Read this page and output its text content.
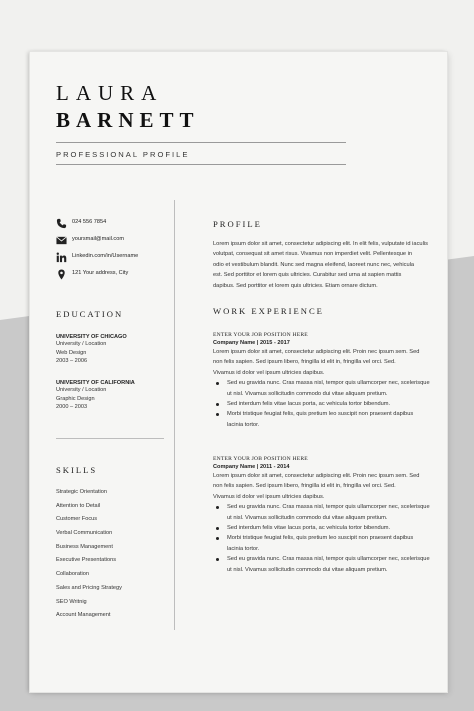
LAURA
BARNETT
PROFESSIONAL PROFILE
024 556 7854
yoursmail@mail.com
Linkedin.com/in/Username
121 Your address, City
EDUCATION
UNIVERSITY OF CHICAGO
University / Location
Web Design
2003 – 2006
UNIVERSITY OF CALIFORNIA
University / Location
Graphic Design
2000 – 2003
SKILLS
Strategic Orientation
Attention to Detail
Customer Focus
Verbal Communication
Business Management
Executive Presentations
Collaboration
Sales and Pricing Strategy
SEO Writnig
Account Management
PROFILE
Lorem ipsum dolor sit amet, consectetur adipiscing elit. In elit felis, vulputate id iaculis
volutpat, consequat sit amet risus. Vivamus non imperdiet velit. Pellentesque in
odio et vestibulum blandit. Nunc sed magna eleifend, laoreet nunc nec, vehicula
est. Sed porttitor et lorem quis ultricies. Curabitur sed urna at sapien mattis
dapibus. Sed porttitor et lorem quis ultricies. Etiam ornare dictum.
WORK EXPERIENCE
ENTER YOUR JOB POSITION HERE
Company Name | 2015 - 2017
Lorem ipsum dolor sit amet, consectetur adipiscing elit. Proin nec ipsum sem. Sed
non felis sapien. Sed ipsum libero, fringilla id elit in, fringilla vel orci. Sed.
Vivamus id dolor vel ipsum ultricies dapibus.
Sed eu gravida nunc. Cras massa nisl, tempor quis ullamcorper nec, scelerisque
ut nisl. Vivamus sollicitudin commodo dui vitae aliquam pretium.
Sed interdum felis vitae lacus porta, ac vehicula tortor bibendum.
Morbi tristique feugiat felis, quis pretium leo suscipit non praesent dapibus
lacinia tortor.
ENTER YOUR JOB POSITION HERE
Company Name | 2011 - 2014
Lorem ipsum dolor sit amet, consectetur adipiscing elit. Proin nec ipsum sem. Sed
non felis sapien. Sed ipsum libero, fringilla id elit in, fringilla vel orci. Sed.
Vivamus id dolor vel ipsum ultricies dapibus.
Sed eu gravida nunc. Cras massa nisl, tempor quis ullamcorper nec, scelerisque
ut nisl. Vivamus sollicitudin commodo dui vitae aliquam pretium.
Sed interdum felis vitae lacus porta, ac vehicula tortor bibendum.
Morbi tristique feugiat felis, quis pretium leo suscipit non praesent dapibus
lacinia tortor.
Sed eu gravida nunc. Cras massa nisl, tempor quis ullamcorper nec, scelerisque
ut nisl. Vivamus sollicitudin commodo dui vitae aliquam pretium.
